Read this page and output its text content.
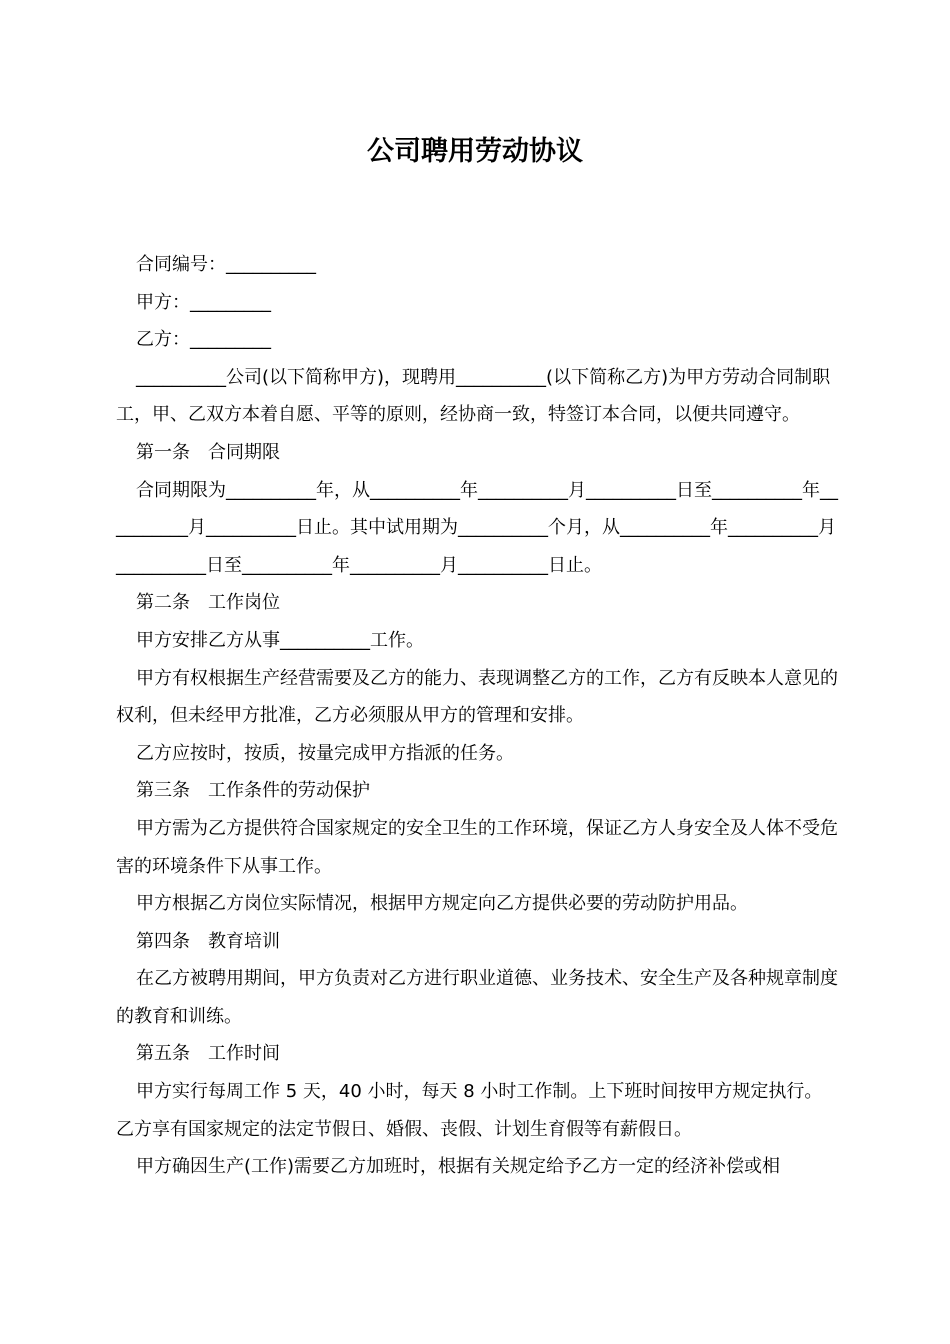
公司聘用劳动协议

合同编号：__________

甲方：_________

乙方：_________

__________公司(以下简称甲方)，现聘用__________(以下简称乙方)为甲方劳动合同制职工，甲、乙双方本着自愿、平等的原则，经协商一致，特签订本合同，以便共同遵守。

第一条　合同期限

合同期限为__________年，从__________年__________月__________日至__________年__________月__________日止。其中试用期为__________个月，从__________年__________月__________日至__________年__________月__________日止。

第二条　工作岗位

甲方安排乙方从事__________工作。

甲方有权根据生产经营需要及乙方的能力、表现调整乙方的工作，乙方有反映本人意见的权利，但未经甲方批准，乙方必须服从甲方的管理和安排。

乙方应按时，按质，按量完成甲方指派的任务。

第三条　工作条件的劳动保护

甲方需为乙方提供符合国家规定的安全卫生的工作环境，保证乙方人身安全及人体不受危害的环境条件下从事工作。

甲方根据乙方岗位实际情况，根据甲方规定向乙方提供必要的劳动防护用品。

第四条　教育培训

在乙方被聘用期间，甲方负责对乙方进行职业道德、业务技术、安全生产及各种规章制度的教育和训练。

第五条　工作时间

甲方实行每周工作 5 天，40 小时，每天 8 小时工作制。上下班时间按甲方规定执行。乙方享有国家规定的法定节假日、婚假、丧假、计划生育假等有薪假日。

甲方确因生产(工作)需要乙方加班时，根据有关规定给予乙方一定的经济补偿或相
